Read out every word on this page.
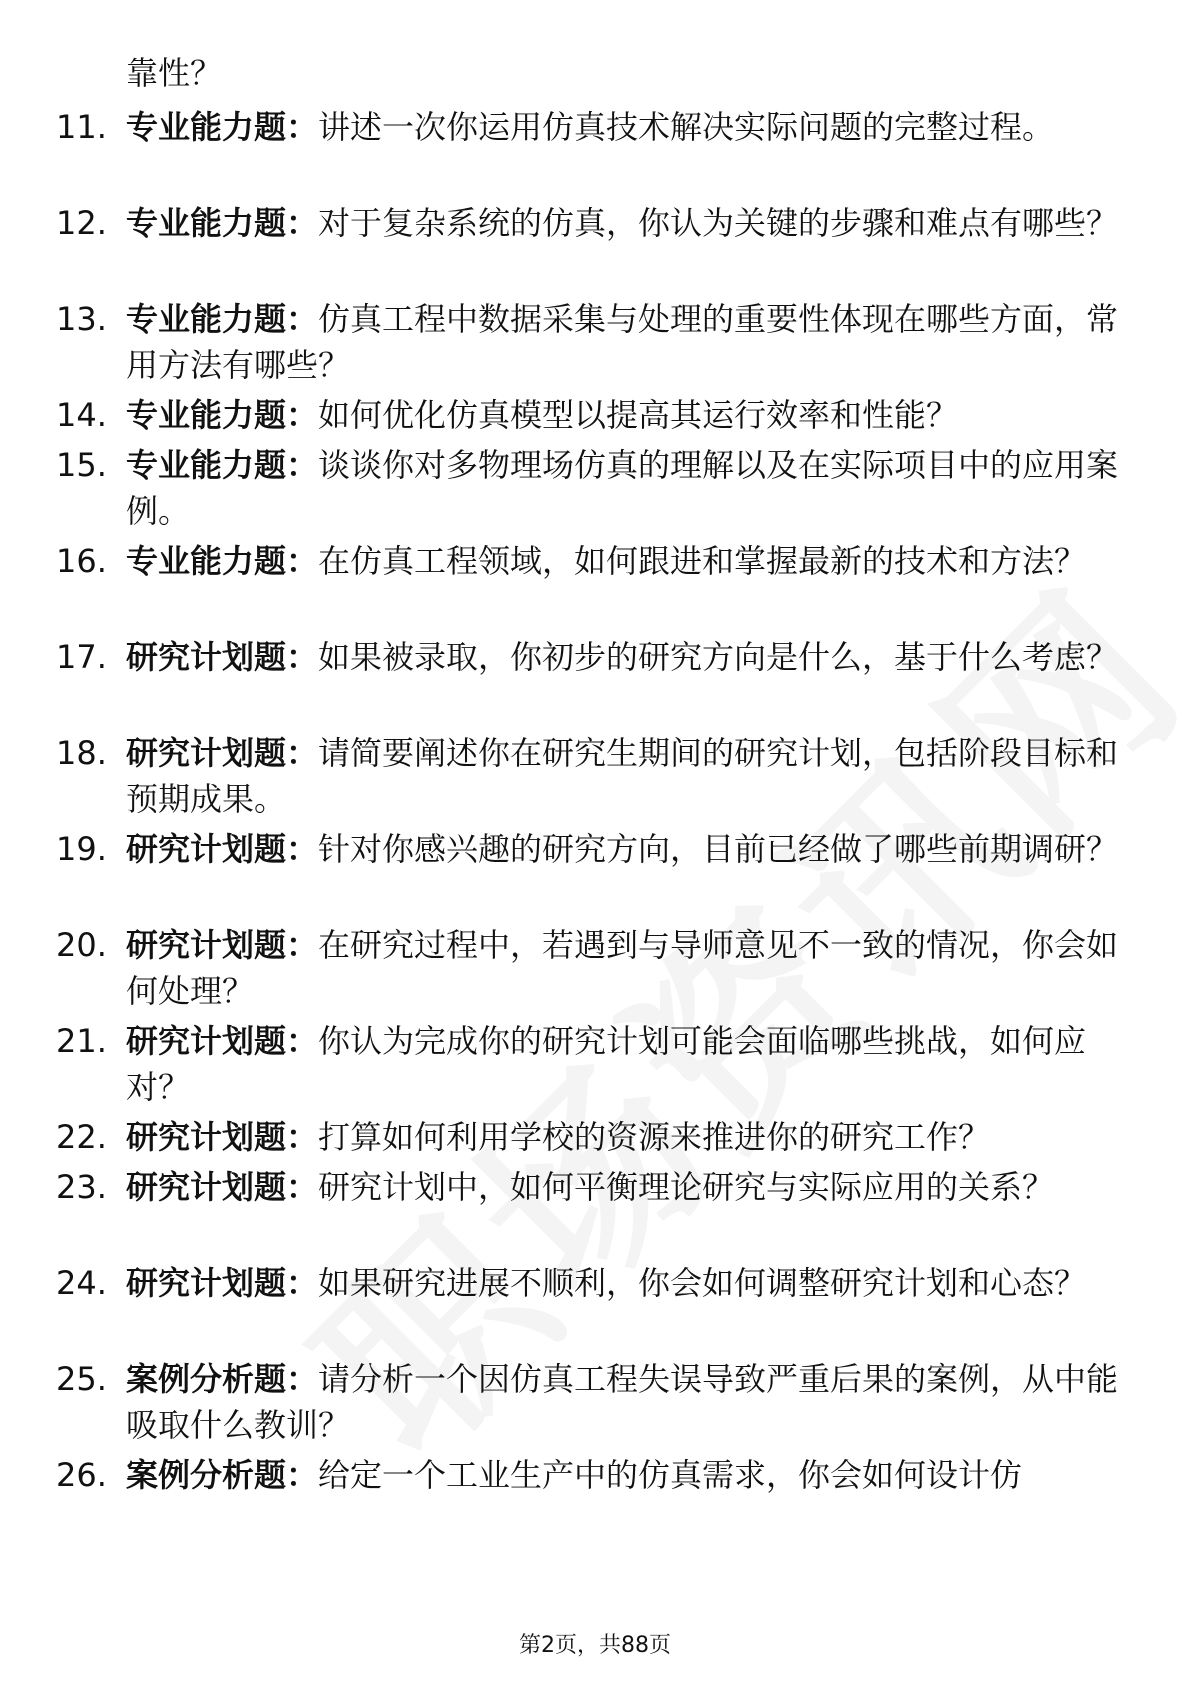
靠性？
11. 专业能力题：讲述一次你运用仿真技术解决实际问题的完整过程。
12. 专业能力题：对于复杂系统的仿真，你认为关键的步骤和难点有哪些？
13. 专业能力题：仿真工程中数据采集与处理的重要性体现在哪些方面，常用方法有哪些？
14. 专业能力题：如何优化仿真模型以提高其运行效率和性能？
15. 专业能力题：谈谈你对多物理场仿真的理解以及在实际项目中的应用案例。
16. 专业能力题：在仿真工程领域，如何跟进和掌握最新的技术和方法？
17. 研究计划题：如果被录取，你初步的研究方向是什么，基于什么考虑？
18. 研究计划题：请简要阐述你在研究生期间的研究计划，包括阶段目标和预期成果。
19. 研究计划题：针对你感兴趣的研究方向，目前已经做了哪些前期调研？
20. 研究计划题：在研究过程中，若遇到与导师意见不一致的情况，你会如何处理？
21. 研究计划题：你认为完成你的研究计划可能会面临哪些挑战，如何应对？
22. 研究计划题：打算如何利用学校的资源来推进你的研究工作？
23. 研究计划题：研究计划中，如何平衡理论研究与实际应用的关系？
24. 研究计划题：如果研究进展不顺利，你会如何调整研究计划和心态？
25. 案例分析题：请分析一个因仿真工程失误导致严重后果的案例，从中能吸取什么教训？
26. 案例分析题：给定一个工业生产中的仿真需求，你会如何设计仿
第2页，共88页
